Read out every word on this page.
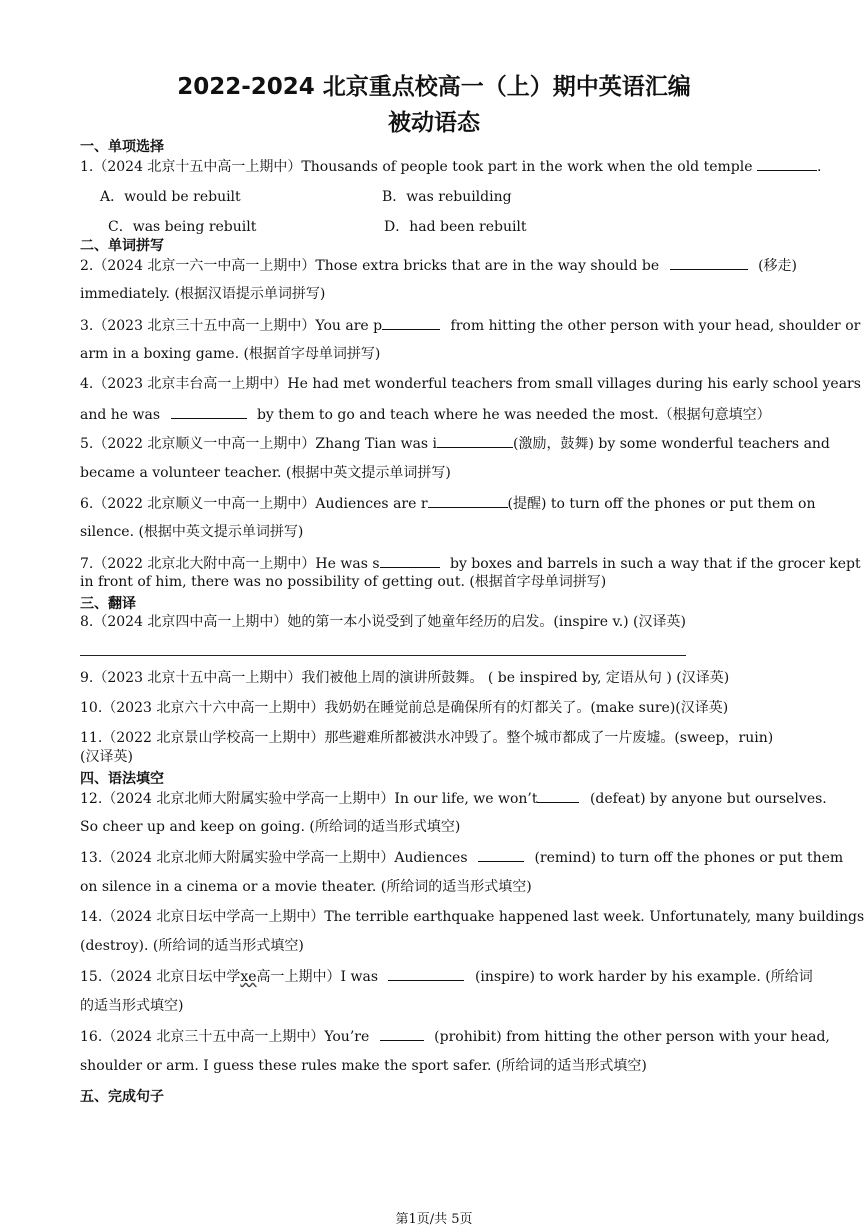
2022-2024 北京重点校高一（上）期中英语汇编
被动语态
一、单项选择
1.（2024 北京十五中高一上期中）Thousands of people took part in the work when the old temple	.
A．would be rebuilt	B．was rebuilding
C．was being rebuilt	D．had been rebuilt
二、单词拼写
2.（2024 北京一六一中高一上期中）Those extra bricks that are in the way should be	(移走)
immediately. (根据汉语提示单词拼写)
3.（2023 北京三十五中高一上期中）You are p	from hitting the other person with your head, shoulder or
arm in a boxing game. (根据首字母单词拼写)
4.（2023 北京丰台高一上期中）He had met wonderful teachers from small villages during his early school years
and he was	by them to go and teach where he was needed the most.（根据句意填空）
5.（2022 北京顺义一中高一上期中）Zhang Tian was i	(激励，鼓舞) by some wonderful teachers and
became a volunteer teacher. (根据中英文提示单词拼写)
6.（2022 北京顺义一中高一上期中）Audiences are r	(提醒) to turn off the phones or put them on
silence. (根据中英文提示单词拼写)
7.（2022 北京北大附中高一上期中）He was s	by boxes and barrels in such a way that if the grocer kept
in front of him, there was no possibility of getting out. (根据首字母单词拼写)
三、翻译
8.（2024 北京四中高一上期中）她的第一本小说受到了她童年经历的启发。(inspire v.) (汉译英)
9.（2023 北京十五中高一上期中）我们被他上周的演讲所鼓舞。 ( be inspired by, 定语从句 ) (汉译英)
10.（2023 北京六十六中高一上期中）我奶奶在睡觉前总是确保所有的灯都关了。(make sure)(汉译英)
11.（2022 北京景山学校高一上期中）那些避难所都被洪水冲毁了。整个城市都成了一片废墟。(sweep，ruin)
(汉译英)
四、语法填空
12.（2024 北京北师大附属实验中学高一上期中）In our life, we won’t	(defeat) by anyone but ourselves.
So cheer up and keep on going. (所给词的适当形式填空)
13.（2024 北京北师大附属实验中学高一上期中）Audiences	(remind) to turn off the phones or put them
on silence in a cinema or a movie theater. (所给词的适当形式填空)
14.（2024 北京日坛中学高一上期中）The terrible earthquake happened last week. Unfortunately, many buildings
(destroy). (所给词的适当形式填空)
15.（2024 北京日坛中学xe高一上期中）I was	(inspire) to work harder by his example. (所给词
的适当形式填空)
16.（2024 北京三十五中高一上期中）You’re	(prohibit) from hitting the other person with your head,
shoulder or arm. I guess these rules make the sport safer. (所给词的适当形式填空)
五、完成句子
第1页/共 5页
